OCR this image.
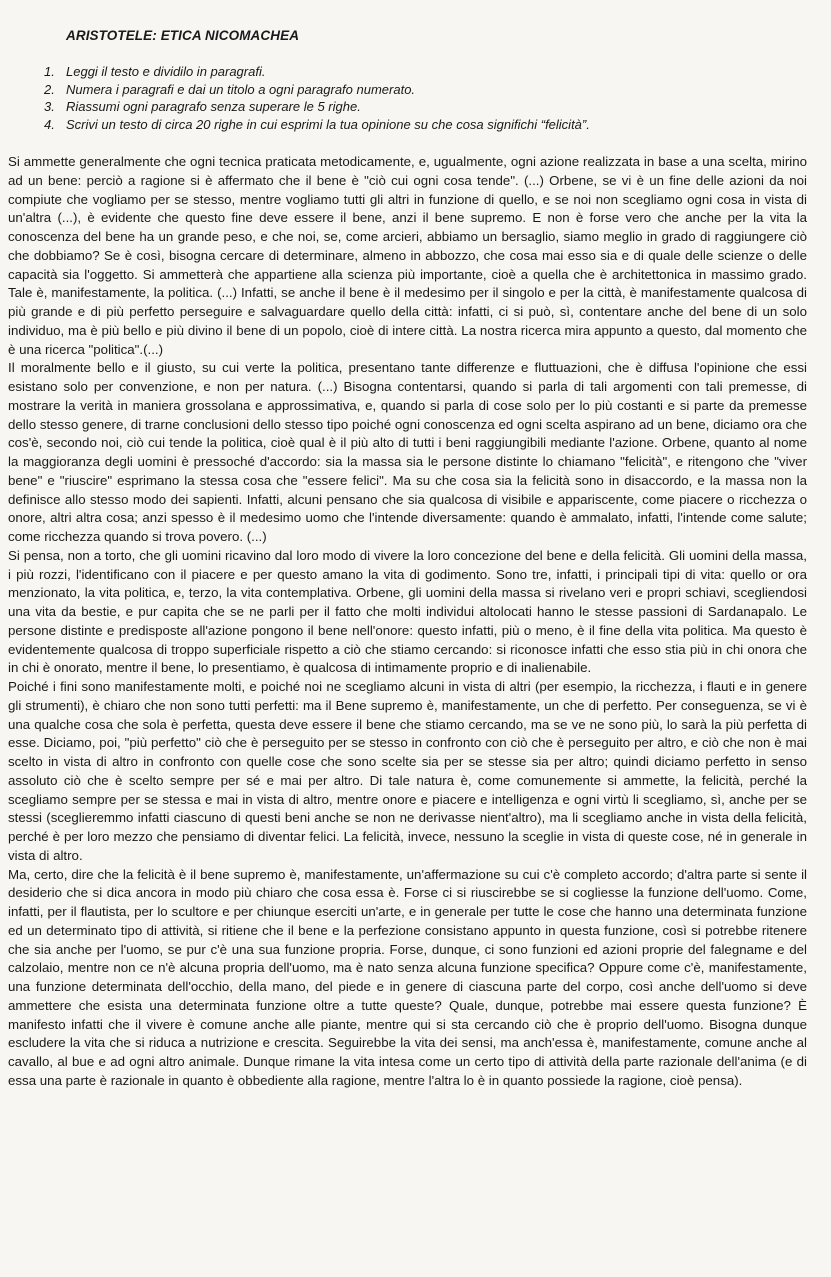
ARISTOTELE: ETICA NICOMACHEA
1. Leggi il testo e dividilo in paragrafi.
2. Numera i paragrafi e dai un titolo a ogni paragrafo numerato.
3. Riassumi ogni paragrafo senza superare le 5 righe.
4. Scrivi un testo di circa 20 righe in cui esprimi la tua opinione su che cosa significhi “felicità”.

Si ammette generalmente che ogni tecnica praticata metodicamente, e, ugualmente, ogni azione realizzata in base a una scelta, mirino ad un bene: perciò a ragione si è affermato che il bene è "ciò cui ogni cosa tende". (...) Orbene, se vi è un fine delle azioni da noi compiute che vogliamo per se stesso, mentre vogliamo tutti gli altri in funzione di quello, e se noi non scegliamo ogni cosa in vista di un'altra (...), è evidente che questo fine deve essere il bene, anzi il bene supremo. E non è forse vero che anche per la vita la conoscenza del bene ha un grande peso, e che noi, se, come arcieri, abbiamo un bersaglio, siamo meglio in grado di raggiungere ciò che dobbiamo? Se è così, bisogna cercare di determinare, almeno in abbozzo, che cosa mai esso sia e di quale delle scienze o delle capacità sia l'oggetto. Si ammetterà che appartiene alla scienza più importante, cioè a quella che è architettonica in massimo grado. Tale è, manifestamente, la politica. (...) Infatti, se anche il bene è il medesimo per il singolo e per la città, è manifestamente qualcosa di più grande e di più perfetto perseguire e salvaguardare quello della città: infatti, ci si può, sì, contentare anche del bene di un solo individuo, ma è più bello e più divino il bene di un popolo, cioè di intere città. La nostra ricerca mira appunto a questo, dal momento che è una ricerca "politica".(...)

Il moralmente bello e il giusto, su cui verte la politica, presentano tante differenze e fluttuazioni, che è diffusa l'opinione che essi esistano solo per convenzione, e non per natura. (...) Bisogna contentarsi, quando si parla di tali argomenti con tali premesse, di mostrare la verità in maniera grossolana e approssimativa, e, quando si parla di cose solo per lo più costanti e si parte da premesse dello stesso genere, di trarne conclusioni dello stesso tipo poiché ogni conoscenza ed ogni scelta aspirano ad un bene, diciamo ora che cos'è, secondo noi, ciò cui tende la politica, cioè qual è il più alto di tutti i beni raggiungibili mediante l'azione. Orbene, quanto al nome la maggioranza degli uomini è pressoché d'accordo: sia la massa sia le persone distinte lo chiamano "felicità", e ritengono che "viver bene" e "riuscire" esprimano la stessa cosa che "essere felici". Ma su che cosa sia la felicità sono in disaccordo, e la massa non la definisce allo stesso modo dei sapienti. Infatti, alcuni pensano che sia qualcosa di visibile e appariscente, come piacere o ricchezza o onore, altri altra cosa; anzi spesso è il medesimo uomo che l'intende diversamente: quando è ammalato, infatti, l'intende come salute; come ricchezza quando si trova povero. (...)

Si pensa, non a torto, che gli uomini ricavino dal loro modo di vivere la loro concezione del bene e della felicità. Gli uomini della massa, i più rozzi, l'identificano con il piacere e per questo amano la vita di godimento. Sono tre, infatti, i principali tipi di vita: quello or ora menzionato, la vita politica, e, terzo, la vita contemplativa. Orbene, gli uomini della massa si rivelano veri e propri schiavi, scegliendosi una vita da bestie, e pur capita che se ne parli per il fatto che molti individui altolocati hanno le stesse passioni di Sardanapalo. Le persone distinte e predisposte all'azione pongono il bene nell'onore: questo infatti, più o meno, è il fine della vita politica. Ma questo è evidentemente qualcosa di troppo superficiale rispetto a ciò che stiamo cercando: si riconosce infatti che esso stia più in chi onora che in chi è onorato, mentre il bene, lo presentiamo, è qualcosa di intimamente proprio e di inalienabile.

Poiché i fini sono manifestamente molti, e poiché noi ne scegliamo alcuni in vista di altri (per esempio, la ricchezza, i flauti e in genere gli strumenti), è chiaro che non sono tutti perfetti: ma il Bene supremo è, manifestamente, un che di perfetto. Per conseguenza, se vi è una qualche cosa che sola è perfetta, questa deve essere il bene che stiamo cercando, ma se ve ne sono più, lo sarà la più perfetta di esse. Diciamo, poi, "più perfetto" ciò che è perseguito per se stesso in confronto con ciò che è perseguito per altro, e ciò che non è mai scelto in vista di altro in confronto con quelle cose che sono scelte sia per se stesse sia per altro; quindi diciamo perfetto in senso assoluto ciò che è scelto sempre per sé e mai per altro. Di tale natura è, come comunemente si ammette, la felicità, perché la scegliamo sempre per se stessa e mai in vista di altro, mentre onore e piacere e intelligenza e ogni virtù li scegliamo, sì, anche per se stessi (sceglieremmo infatti ciascuno di questi beni anche se non ne derivasse nient'altro), ma li scegliamo anche in vista della felicità, perché è per loro mezzo che pensiamo di diventar felici. La felicità, invece, nessuno la sceglie in vista di queste cose, né in generale in vista di altro.

Ma, certo, dire che la felicità è il bene supremo è, manifestamente, un'affermazione su cui c'è completo accordo; d'altra parte si sente il desiderio che si dica ancora in modo più chiaro che cosa essa è. Forse ci si riuscirebbe se si cogliesse la funzione dell'uomo. Come, infatti, per il flautista, per lo scultore e per chiunque eserciti un'arte, e in generale per tutte le cose che hanno una determinata funzione ed un determinato tipo di attività, si ritiene che il bene e la perfezione consistano appunto in questa funzione, così si potrebbe ritenere che sia anche per l'uomo, se pur c'è una sua funzione propria. Forse, dunque, ci sono funzioni ed azioni proprie del falegname e del calzolaio, mentre non ce n'è alcuna propria dell'uomo, ma è nato senza alcuna funzione specifica? Oppure come c'è, manifestamente, una funzione determinata dell'occhio, della mano, del piede e in genere di ciascuna parte del corpo, così anche dell'uomo si deve ammettere che esista una determinata funzione oltre a tutte queste? Quale, dunque, potrebbe mai essere questa funzione? È manifesto infatti che il vivere è comune anche alle piante, mentre qui si sta cercando ciò che è proprio dell'uomo. Bisogna dunque escludere la vita che si riduca a nutrizione e crescita. Seguirebbe la vita dei sensi, ma anch'essa è, manifestamente, comune anche al cavallo, al bue e ad ogni altro animale. Dunque rimane la vita intesa come un certo tipo di attività della parte razionale dell'anima (e di essa una parte è razionale in quanto è obbediente alla ragione, mentre l'altra lo è in quanto possiede la ragione, cioè pensa).
